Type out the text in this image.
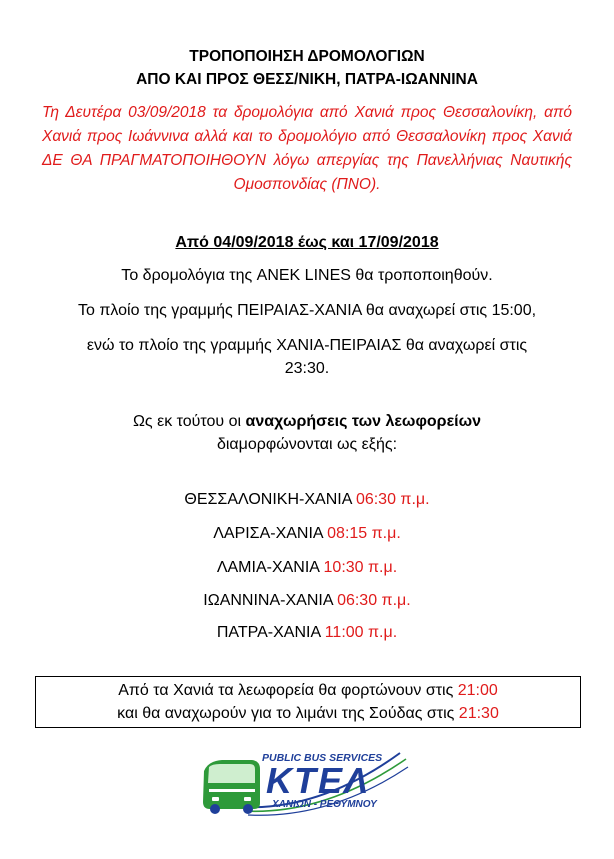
ΤΡΟΠΟΠΟΙΗΣΗ ΔΡΟΜΟΛΟΓΙΩΝ
ΑΠΟ ΚΑΙ ΠΡΟΣ ΘΕΣΣ/ΝΙΚΗ, ΠΑΤΡΑ-ΙΩΑΝΝΙΝΑ
Τη Δευτέρα 03/09/2018 τα δρομολόγια από Χανιά προς Θεσσαλονίκη, από Χανιά προς Ιωάννινα αλλά και το δρομολόγιο από Θεσσαλονίκη προς Χανιά ΔΕ ΘΑ ΠΡΑΓΜΑΤΟΠΟΙΗΘΟΥΝ λόγω απεργίας της Πανελλήνιας Ναυτικής Ομοσπονδίας (ΠΝΟ).
Από 04/09/2018 έως και 17/09/2018
Το δρομολόγια της ANEK LINES θα τροποποιηθούν.
Το πλοίο της γραμμής ΠΕΙΡΑΙΑΣ-ΧΑΝΙΑ θα αναχωρεί στις 15:00,
ενώ το πλοίο της γραμμής ΧΑΝΙΑ-ΠΕΙΡΑΙΑΣ θα αναχωρεί στις
23:30.
Ως εκ τούτου οι αναχωρήσεις των λεωφορείων
διαμορφώνονται ως εξής:
ΘΕΣΣΑΛΟΝΙΚΗ-ΧΑΝΙΑ 06:30 π.μ.
ΛΑΡΙΣΑ-ΧΑΝΙΑ 08:15 π.μ.
ΛΑΜΙΑ-ΧΑΝΙΑ 10:30 π.μ.
ΙΩΑΝΝΙΝΑ-ΧΑΝΙΑ 06:30 π.μ.
ΠΑΤΡΑ-ΧΑΝΙΑ 11:00 π.μ.
Από τα Χανιά τα λεωφορεία θα φορτώνουν στις 21:00
και θα αναχωρούν για το λιμάνι της Σούδας στις 21:30
PUBLIC BUS SERVICES
ΚΤΕΛ
ΧΑΝΙΩΝ - ΡΕΘΥΜΝΟΥ
